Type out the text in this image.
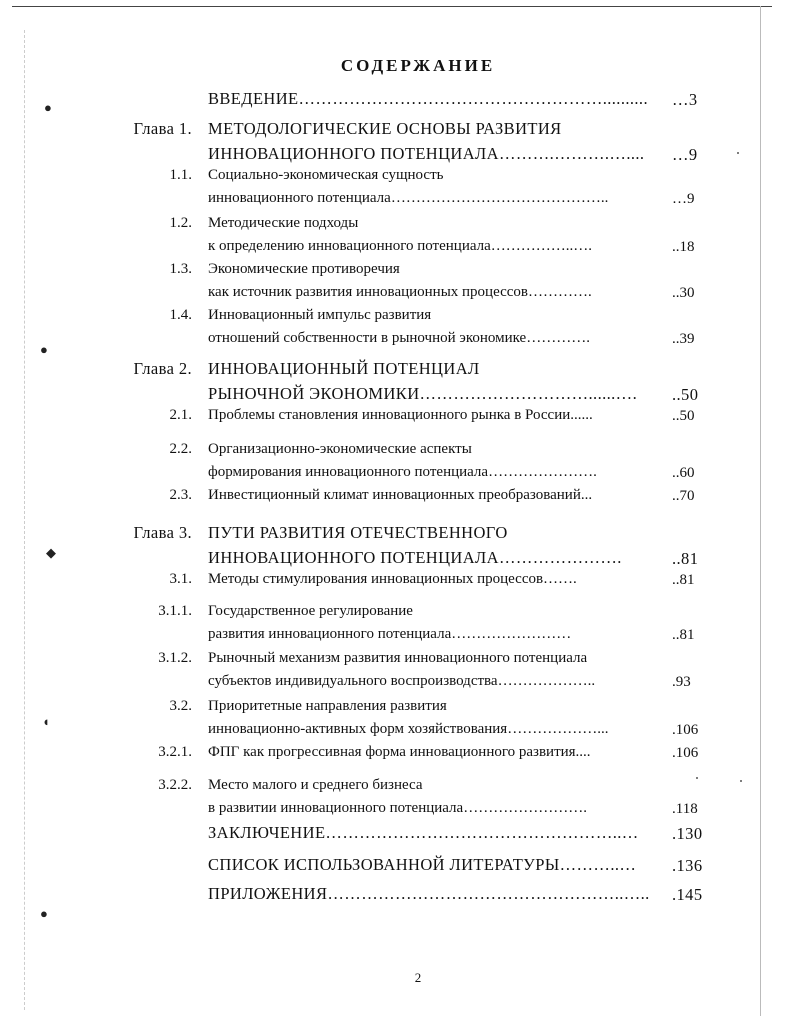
●
●
◆
◖
●
СОДЕРЖАНИЕ
ВВЕДЕНИЕ………………………………………………..........	…3
Глава 1. МЕТОДОЛОГИЧЕСКИЕ ОСНОВЫ РАЗВИТИЯ
ИННОВАЦИОННОГО ПОТЕНЦИАЛА……….……….…....	…9
1.1. Социально-экономическая сущность
инновационного потенциала……………………………………..	…9
1.2. Методические подходы
к определению инновационного потенциала……………..….	..18
1.3. Экономические противоречия
как источник развития инновационных процессов………….	..30
1.4. Инновационный импульс развития
отношений собственности в рыночной экономике………….	..39
Глава 2. ИННОВАЦИОННЫЙ ПОТЕНЦИАЛ
РЫНОЧНОЙ ЭКОНОМИКИ…………………………......….	..50
2.1. Проблемы становления инновационного рынка в России......	..50
2.2. Организационно-экономические аспекты
формирования инновационного потенциала………………….	..60
2.3. Инвестиционный климат инновационных преобразований...	..70
Глава 3. ПУТИ РАЗВИТИЯ ОТЕЧЕСТВЕННОГО
ИННОВАЦИОННОГО ПОТЕНЦИАЛА………………….	..81
3.1. Методы стимулирования инновационных процессов…….	..81
3.1.1. Государственное регулирование
развития инновационного потенциала……………………	..81
3.1.2. Рыночный механизм развития инновационного потенциала
субъектов индивидуального воспроизводства………………..	.93
3.2. Приоритетные направления развития
инновационно-активных форм хозяйствования………………...	.106
3.2.1. ФПГ как прогрессивная форма инновационного развития....	.106
3.2.2. Место малого и среднего бизнеса
в развитии инновационного потенциала…………………….	.118
ЗАКЛЮЧЕНИЕ……………………………………………..…	.130
СПИСОК ИСПОЛЬЗОВАННОЙ ЛИТЕРАТУРЫ………..…	.136
ПРИЛОЖЕНИЯ……………………………………………..…..	.145
2
